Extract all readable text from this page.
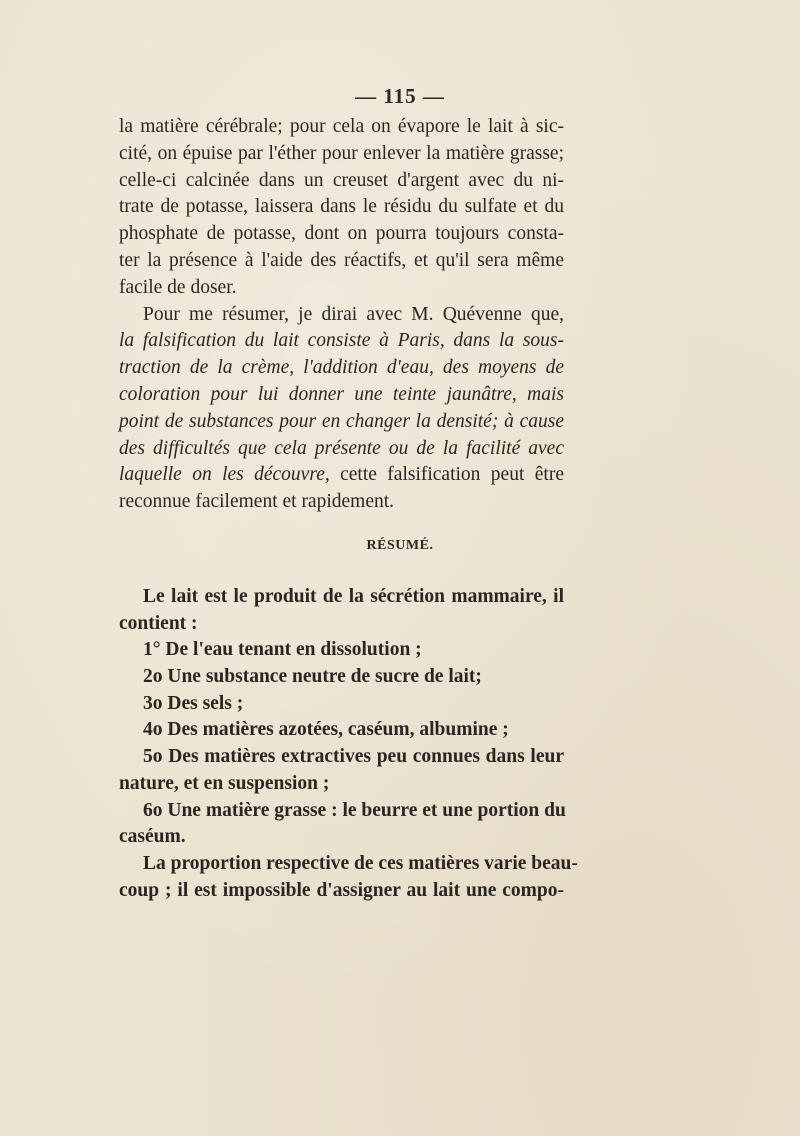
— 115 —
la matière cérébrale; pour cela on évapore le lait à sic-
cité, on épuise par l'éther pour enlever la matière grasse;
celle-ci calcinée dans un creuset d'argent avec du ni-
trate de potasse, laissera dans le résidu du sulfate et du
phosphate de potasse, dont on pourra toujours consta-
ter la présence à l'aide des réactifs, et qu'il sera même
facile de doser.
Pour me résumer, je dirai avec M. Quévenne que,
la falsification du lait consiste à Paris, dans la sous-
traction de la crème, l'addition d'eau, des moyens de
coloration pour lui donner une teinte jaunâtre, mais
point de substances pour en changer la densité; à cause
des difficultés que cela présente ou de la facilité avec
laquelle on les découvre, cette falsification peut être
reconnue facilement et rapidement.
RÉSUMÉ.
Le lait est le produit de la sécrétion mammaire, il
contient :
1° De l'eau tenant en dissolution ;
2o Une substance neutre de sucre de lait;
3o Des sels ;
4o Des matières azotées, caséum, albumine ;
5o Des matières extractives peu connues dans leur
nature, et en suspension ;
6o Une matière grasse : le beurre et une portion du
caséum.
La proportion respective de ces matières varie beau-
coup ; il est impossible d'assigner au lait une compo-
